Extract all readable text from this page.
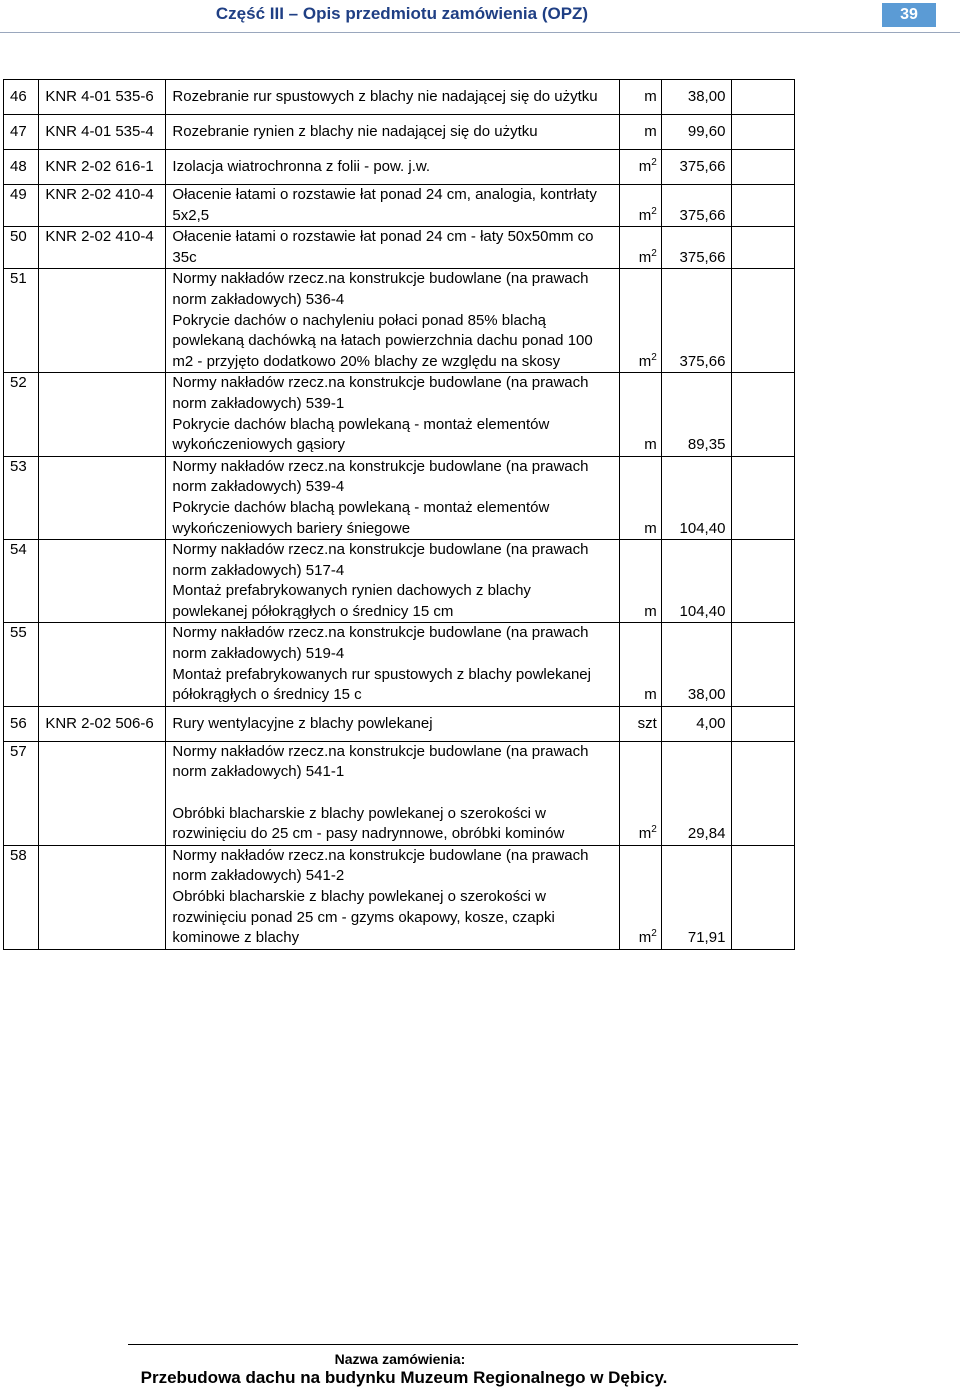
Część III – Opis przedmiotu zamówienia (OPZ)	39
46	KNR 4-01 535-6	Rozebranie rur spustowych z blachy nie nadającej się do użytku	m	38,00	
47	KNR 4-01 535-4	Rozebranie rynien z blachy nie nadającej się do użytku	m	99,60	
48	KNR 2-02 616-1	Izolacja wiatrochronna z folii - pow. j.w.	$m^2$	375,66	
49	KNR 2-02 410-4	Ołacenie łatami o rozstawie łat ponad 24 cm, analogia, kontrłaty
5x2,5	$m^2$	375,66	
50	KNR 2-02 410-4	Ołacenie łatami o rozstawie łat ponad 24 cm - łaty 50x50mm co
35c	$m^2$	375,66	
51		Normy nakładów rzecz.na konstrukcje budowlane (na prawach
norm zakładowych) 536-4
Pokrycie dachów o nachyleniu połaci ponad 85% blachą
powlekaną dachówką na łatach powierzchnia dachu ponad 100
m2 - przyjęto dodatkowo 20% blachy ze względu na skosy	$m^2$	375,66	
52		Normy nakładów rzecz.na konstrukcje budowlane (na prawach
norm zakładowych) 539-1
Pokrycie dachów blachą powlekaną - montaż elementów
wykończeniowych gąsiory	m	89,35	
53		Normy nakładów rzecz.na konstrukcje budowlane (na prawach
norm zakładowych) 539-4
Pokrycie dachów blachą powlekaną - montaż elementów
wykończeniowych bariery śniegowe	m	104,40	
54		Normy nakładów rzecz.na konstrukcje budowlane (na prawach
norm zakładowych) 517-4
Montaż prefabrykowanych rynien dachowych z blachy
powlekanej półokrągłych o średnicy 15 cm	m	104,40	
55		Normy nakładów rzecz.na konstrukcje budowlane (na prawach
norm zakładowych) 519-4
Montaż prefabrykowanych rur spustowych z blachy powlekanej
półokrągłych o średnicy 15 c	m	38,00	
56	KNR 2-02 506-6	Rury wentylacyjne z blachy powlekanej	szt	4,00	
57		Normy nakładów rzecz.na konstrukcje budowlane (na prawach
norm zakładowych) 541-1

Obróbki blacharskie z blachy powlekanej o szerokości w
rozwinięciu do 25 cm - pasy nadrynnowe, obróbki kominów	$m^2$	29,84	
58		Normy nakładów rzecz.na konstrukcje budowlane (na prawach
norm zakładowych) 541-2
Obróbki blacharskie z blachy powlekanej o szerokości w
rozwinięciu ponad 25 cm - gzyms okapowy, kosze, czapki
kominowe z blachy	$m^2$	71,91	
Nazwa zamówienia:
Przebudowa dachu na budynku Muzeum Regionalnego w Dębicy.
